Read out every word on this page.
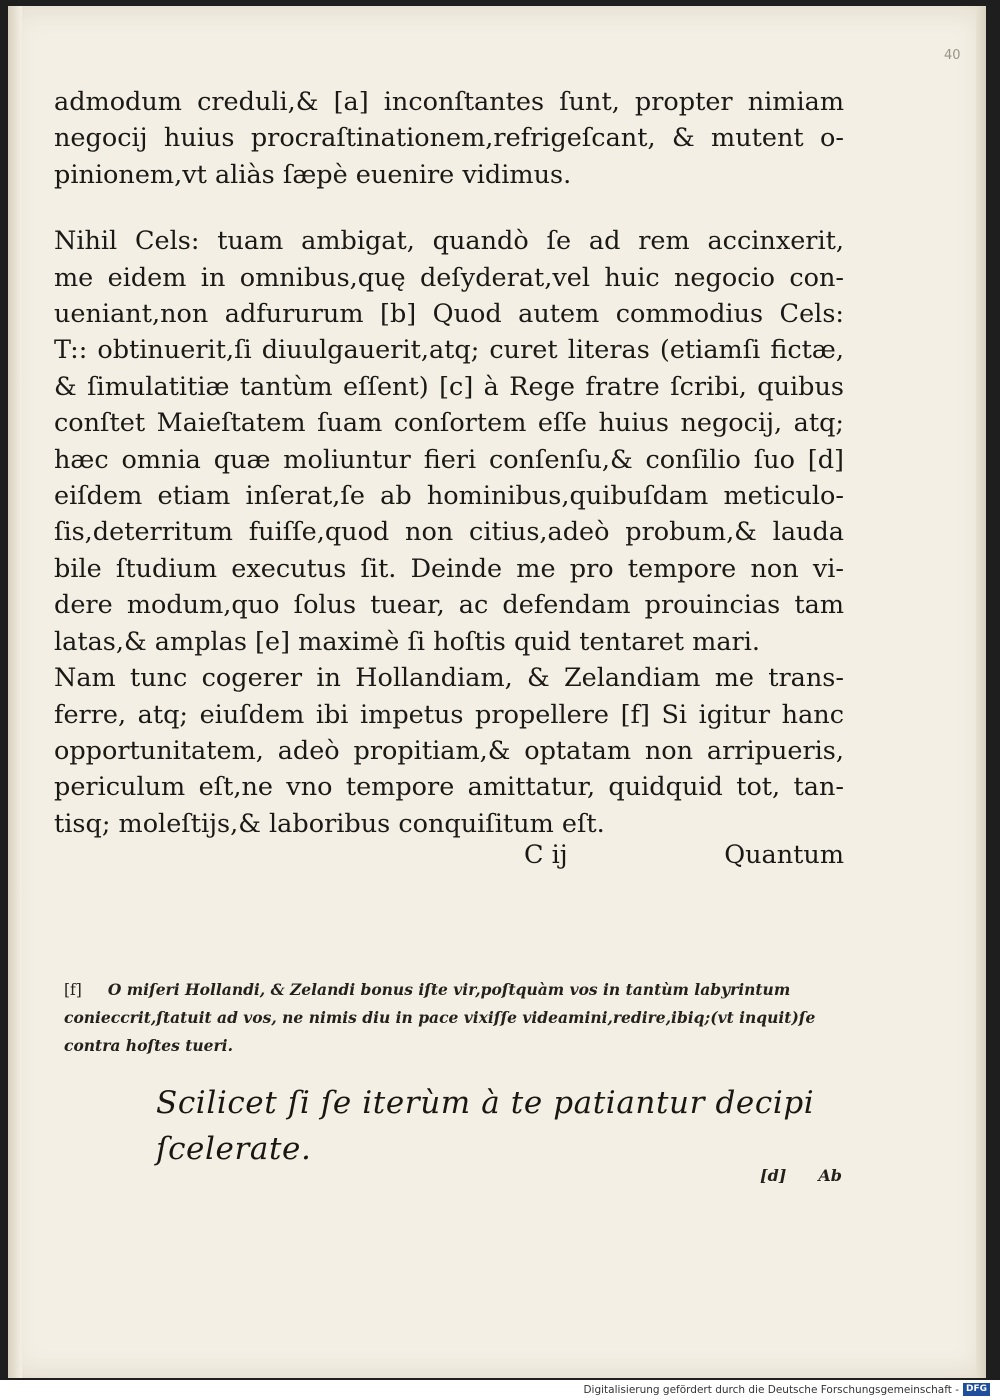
40
admodum creduli,& [a] inconſtantes ſunt, propter nimiam
negocij huius procraſtinationem,refrigeſcant, & mutent o-
pinionem,vt aliàs ſæpè euenire vidimus.
Nihil Cels: tuam ambigat, quandò ſe ad rem accinxerit,
me eidem in omnibus,quę deſyderat,vel huic negocio con-
ueniant,non adfururum [b] Quod autem commodius Cels:
T:: obtinuerit,ſi diuulgauerit,atq; curet literas (etiamſi fictæ,
& ſimulatitiæ tantùm eſſent) [c] à Rege fratre ſcribi, quibus
conſtet Maieſtatem ſuam conſortem eſſe huius negocij, atq;
hæc omnia quæ moliuntur fieri conſenſu,& conſilio ſuo [d]
eiſdem etiam inſerat,ſe ab hominibus,quibuſdam meticulo-
ſis,deterritum fuiſſe,quod non citius,adeò probum,& lauda
bile ſtudium executus ſit. Deinde me pro tempore non vi-
dere modum,quo ſolus tuear, ac defendam prouincias tam
latas,& amplas [e] maximè ſi hoſtis quid tentaret mari.
Nam tunc cogerer in Hollandiam, & Zelandiam me trans-
ferre, atq; eiuſdem ibi impetus propellere [f] Si igitur hanc
opportunitatem, adeò propitiam,& optatam non arripueris,
periculum eſt,ne vno tempore amittatur, quidquid tot, tan-
tisq; moleſtijs,& laboribus conquiſitum eſt.
C ij	Quantum
[f] O miſeri Hollandi, & Zelandi bonus iſte vir,poſtquàm vos in tantùm labyrintum
conieccrit,ſtatuit ad vos, ne nimis diu in pace vixiſſe videamini,redire,ibiq;(vt inquit)ſe
contra hoſtes tueri.
Scilicet ſi ſe iterùm à te patiantur decipi ſcelerate.
[d] Ab
Digitalisierung gefördert durch die Deutsche Forschungsgemeinschaft - DFG
